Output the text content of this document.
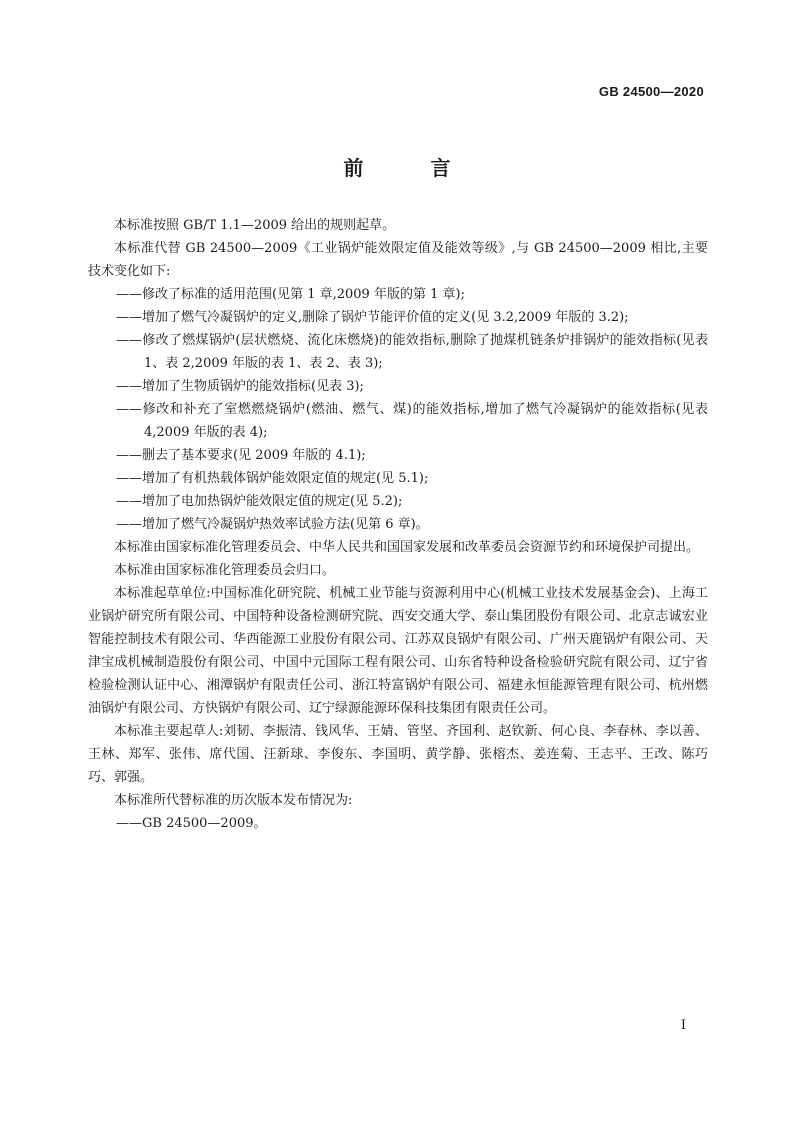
GB 24500—2020
前 言

本标准按照 GB/T 1.1—2009 给出的规则起草。

本标准代替 GB 24500—2009《工业锅炉能效限定值及能效等级》,与 GB 24500—2009 相比,主要技术变化如下:

——修改了标准的适用范围(见第 1 章,2009 年版的第 1 章);

——增加了燃气冷凝锅炉的定义,删除了锅炉节能评价值的定义(见 3.2,2009 年版的 3.2);

——修改了燃煤锅炉(层状燃烧、流化床燃烧)的能效指标,删除了抛煤机链条炉排锅炉的能效指标(见表 1、表 2,2009 年版的表 1、表 2、表 3);

——增加了生物质锅炉的能效指标(见表 3);

——修改和补充了室燃燃烧锅炉(燃油、燃气、煤)的能效指标,增加了燃气冷凝锅炉的能效指标(见表 4,2009 年版的表 4);

——删去了基本要求(见 2009 年版的 4.1);

——增加了有机热载体锅炉能效限定值的规定(见 5.1);

——增加了电加热锅炉能效限定值的规定(见 5.2);

——增加了燃气冷凝锅炉热效率试验方法(见第 6 章)。

本标准由国家标准化管理委员会、中华人民共和国国家发展和改革委员会资源节约和环境保护司提出。

本标准由国家标准化管理委员会归口。

本标准起草单位:中国标准化研究院、机械工业节能与资源利用中心(机械工业技术发展基金会)、上海工业锅炉研究所有限公司、中国特种设备检测研究院、西安交通大学、泰山集团股份有限公司、北京志诚宏业智能控制技术有限公司、华西能源工业股份有限公司、江苏双良锅炉有限公司、广州天鹿锅炉有限公司、天津宝成机械制造股份有限公司、中国中元国际工程有限公司、山东省特种设备检验研究院有限公司、辽宁省检验检测认证中心、湘潭锅炉有限责任公司、浙江特富锅炉有限公司、福建永恒能源管理有限公司、杭州燃油锅炉有限公司、方快锅炉有限公司、辽宁绿源能源环保科技集团有限责任公司。

本标准主要起草人:刘韧、李振清、钱风华、王婧、管坚、齐国利、赵钦新、何心良、李春林、李以善、王林、郑军、张伟、席代国、汪新球、李俊东、李国明、黄学静、张榕杰、姜连菊、王志平、王改、陈巧巧、郭强。

本标准所代替标准的历次版本发布情况为:

——GB 24500—2009。

I
